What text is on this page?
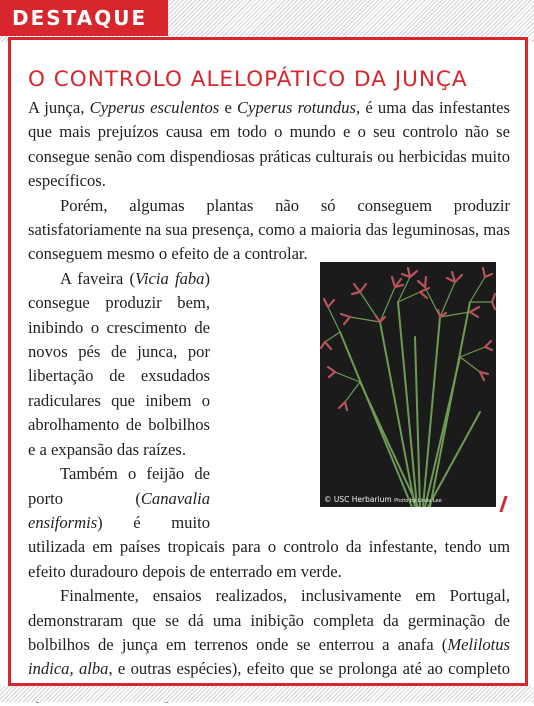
DESTAQUE
O CONTROLO ALELOPÁTICO DA JUNÇA
© USC Herbarium Photo by Linda Lee

A junça, Cyperus esculentos e Cyperus rotundus, é uma das infestantes que mais prejuízos causa em todo o mundo e o seu controlo não se consegue senão com dispendiosas práticas culturais ou herbicidas muito específicos.

Porém, algumas plantas não só conseguem produzir satisfatoriamente na sua presença, como a maioria das leguminosas, mas conseguem mesmo o efeito de a controlar.

A faveira (Vicia faba) consegue produzir bem, inibindo o crescimento de novos pés de junca, por libertação de exsudados radiculares que inibem o abrolhamento de bolbilhos e a expansão das raízes.

Também o feijão de porto (Canavalia ensiformis) é muito utilizada em países tropicais para o controlo da infestante, tendo um efeito duradouro depois de enterrado em verde.

Finalmente, ensaios realizados, inclusivamente em Portugal, demonstraram que se dá uma inibição completa da germinação de bolbilhos de junça em terrenos onde se enterrou a anafa (Melilotus indica, alba, e outras espécies), efeito que se prolonga até ao completo
